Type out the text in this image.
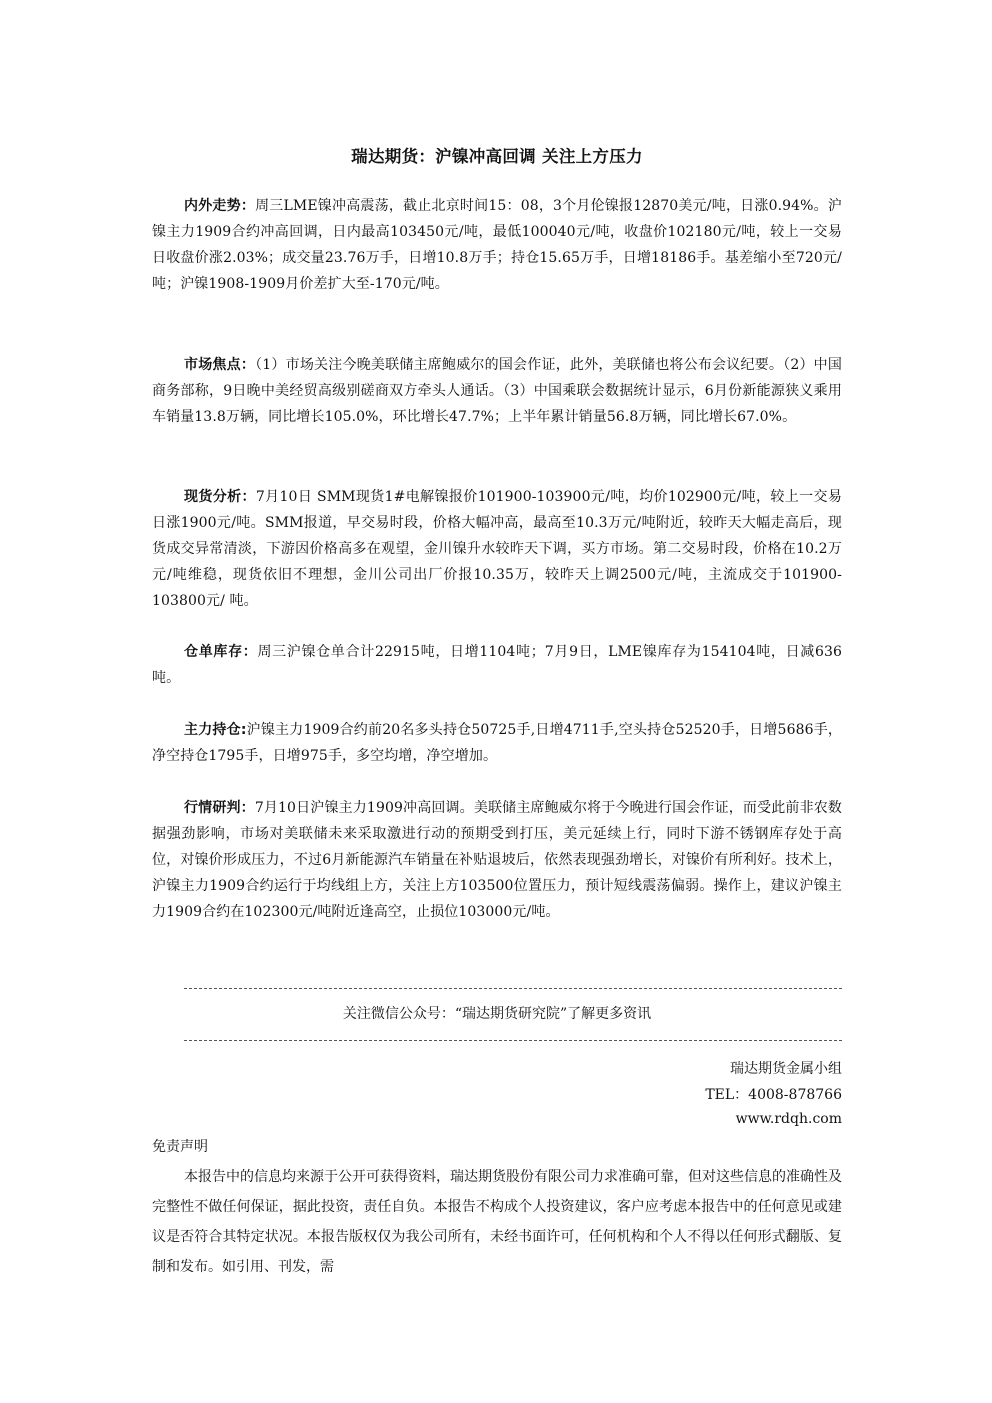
瑞达期货：沪镍冲高回调 关注上方压力
内外走势：周三LME镍冲高震荡，截止北京时间15：08，3个月伦镍报12870美元/吨，日涨0.94%。沪镍主力1909合约冲高回调，日内最高103450元/吨，最低100040元/吨，收盘价102180元/吨，较上一交易日收盘价涨2.03%；成交量23.76万手，日增10.8万手；持仓15.65万手，日增18186手。基差缩小至720元/吨；沪镍1908-1909月价差扩大至-170元/吨。
市场焦点：（1）市场关注今晚美联储主席鲍威尔的国会作证，此外，美联储也将公布会议纪要。（2）中国商务部称，9日晚中美经贸高级别磋商双方牵头人通话。（3）中国乘联会数据统计显示，6月份新能源狭义乘用车销量13.8万辆，同比增长105.0%，环比增长47.7%；上半年累计销量56.8万辆，同比增长67.0%。
现货分析：7月10日 SMM现货1#电解镍报价101900-103900元/吨，均价102900元/吨，较上一交易日涨1900元/吨。SMM报道，早交易时段，价格大幅冲高，最高至10.3万元/吨附近，较昨天大幅走高后，现货成交异常清淡，下游因价格高多在观望，金川镍升水较昨天下调，买方市场。第二交易时段，价格在10.2万元/吨维稳，现货依旧不理想，金川公司出厂价报10.35万，较昨天上调2500元/吨，主流成交于101900-103800元/ 吨。
仓单库存：周三沪镍仓单合计22915吨，日增1104吨；7月9日，LME镍库存为154104吨，日减636吨。
主力持仓:沪镍主力1909合约前20名多头持仓50725手,日增4711手,空头持仓52520手，日增5686手，净空持仓1795手，日增975手，多空均增，净空增加。
行情研判：7月10日沪镍主力1909冲高回调。美联储主席鲍威尔将于今晚进行国会作证，而受此前非农数据强劲影响，市场对美联储未来采取激进行动的预期受到打压，美元延续上行，同时下游不锈钢库存处于高位，对镍价形成压力，不过6月新能源汽车销量在补贴退坡后，依然表现强劲增长，对镍价有所利好。技术上，沪镍主力1909合约运行于均线组上方，关注上方103500位置压力，预计短线震荡偏弱。操作上，建议沪镍主力1909合约在102300元/吨附近逢高空，止损位103000元/吨。
关注微信公众号：“瑞达期货研究院”了解更多资讯
瑞达期货金属小组
TEL：4008-878766
www.rdqh.com
免责声明
本报告中的信息均来源于公开可获得资料，瑞达期货股份有限公司力求准确可靠，但对这些信息的准确性及完整性不做任何保证，据此投资，责任自负。本报告不构成个人投资建议，客户应考虑本报告中的任何意见或建议是否符合其特定状况。本报告版权仅为我公司所有，未经书面许可，任何机构和个人不得以任何形式翻版、复制和发布。如引用、刊发，需
